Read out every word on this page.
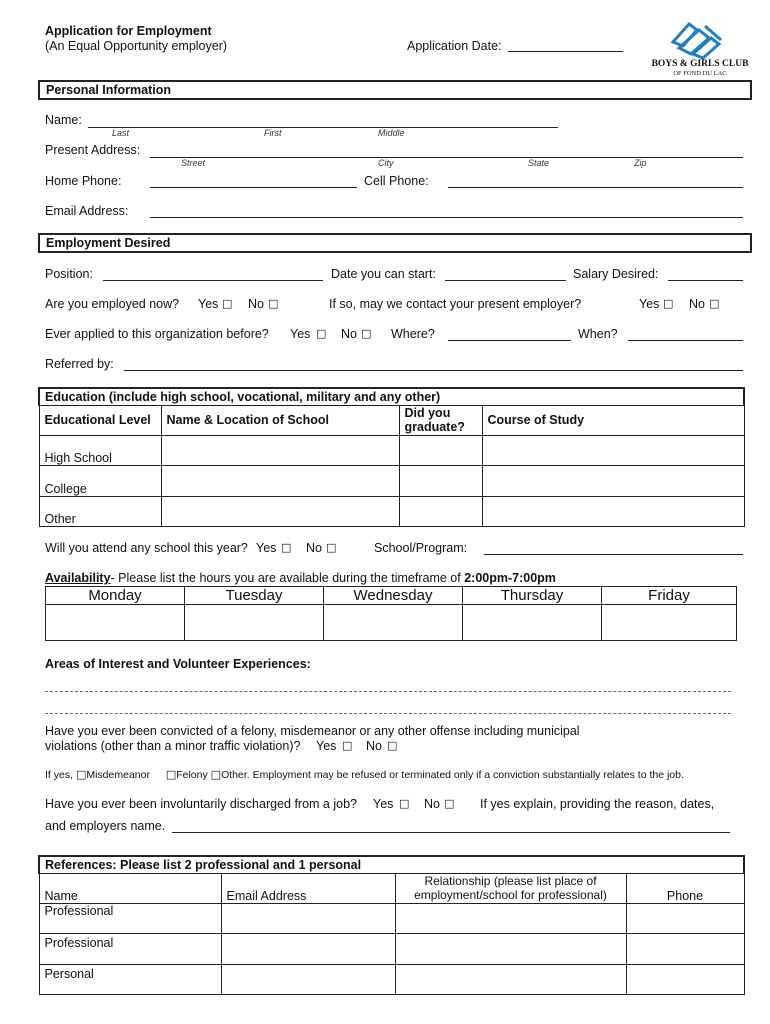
Application for Employment
(An Equal Opportunity employer)	Application Date:
BOYS & GIRLS CLUB
OF FOND DU LAC
Personal Information
Name:
Last	First	Middle
Present Address:
Street	City	State	Zip
Home Phone:	Cell Phone:
Email Address:
Employment Desired
Position:	Date you can start:	Salary Desired:
Are you employed now? Yes □ No □	If so, may we contact your present employer?	Yes □ No □
Ever applied to this organization before? Yes □ No □ Where?	When?
Referred by:
Education (include high school, vocational, military and any other)			
Educational Level	Name & Location of School	Did you graduate?	Course of Study
High School			
College			
Other			
Will you attend any school this year? Yes □ No □	School/Program:
Availability- Please list the hours you are available during the timeframe of 2:00pm-7:00pm
Monday	Tuesday	Wednesday	Thursday	Friday

Areas of Interest and Volunteer Experiences:
Have you ever been convicted of a felony, misdemeanor or any other offense including municipal
violations (other than a minor traffic violation)? Yes □ No □
If yes, □Misdemeanor □Felony □Other. Employment may be refused or terminated only if a conviction substantially relates to the job.
Have you ever been involuntarily discharged from a job? Yes □ No □ If yes explain, providing the reason, dates,
and employers name.
References: Please list 2 professional and 1 personal			
Name	Email Address	Relationship (please list place of employment/school for professional)	Phone
Professional			
Professional			
Personal			
